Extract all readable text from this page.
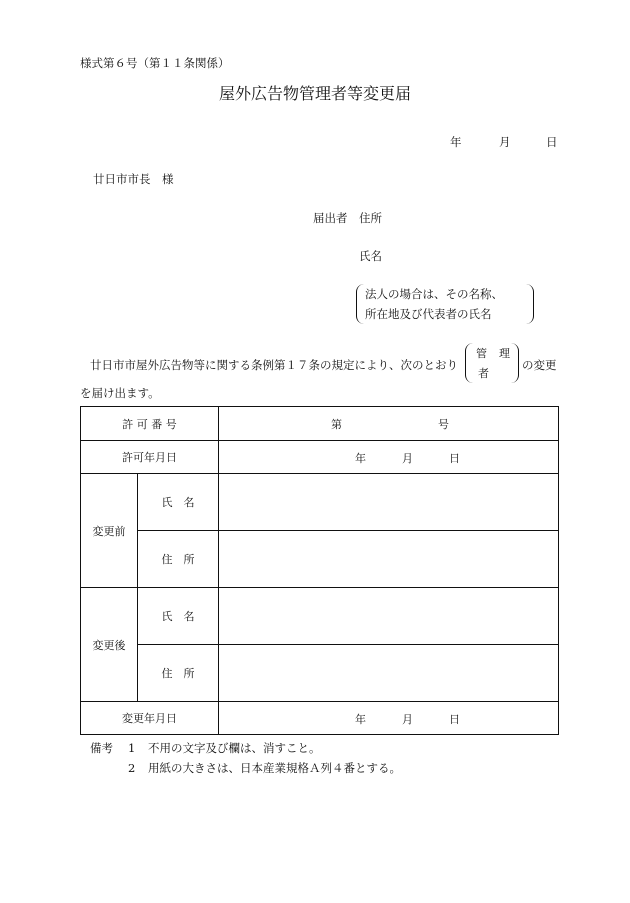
様式第６号（第１１条関係）
屋外広告物管理者等変更届
年	月	日
廿日市市長　様
届出者　住所
氏名
法人の場合は、その名称、
所在地及び代表者の氏名
廿日市市屋外広告物等に関する条例第１７条の規定により、次のとおり
管 理
者
の変更
を届け出ます。
許 可 番 号		第 号

許可年月日		年 月 日

変更前	氏　名	
	住　所	
変更後	氏　名	
	住　所	
変更年月日		年 月 日
備考 1 不用の文字及び欄は、消すこと。
2 用紙の大きさは、日本産業規格Ａ列４番とする。
